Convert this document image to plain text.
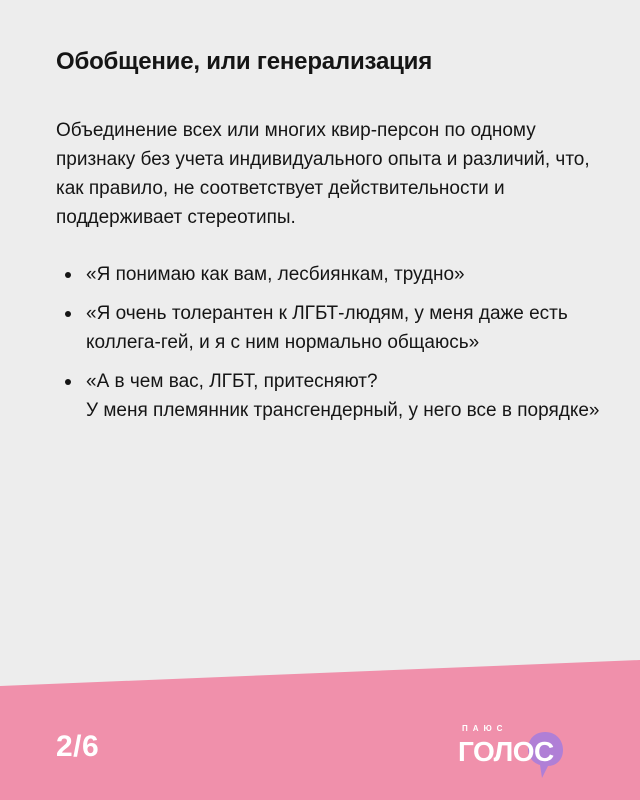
Обобщение, или генерализация

Объединение всех или многих квир-персон по одному признаку без учета индивидуального опыта и различий, что, как правило, не соответствует действительности и поддерживает стереотипы.

«Я понимаю как вам, лесбиянкам, трудно»
«Я очень толерантен к ЛГБТ-людям, у меня даже есть коллега-гей, и я с ним нормально общаюсь»
«А в чем вас, ЛГБТ, притесняют?
У меня племянник трансгендерный, у него все в порядке»
2/6
ПАЮС
ГОЛОС
